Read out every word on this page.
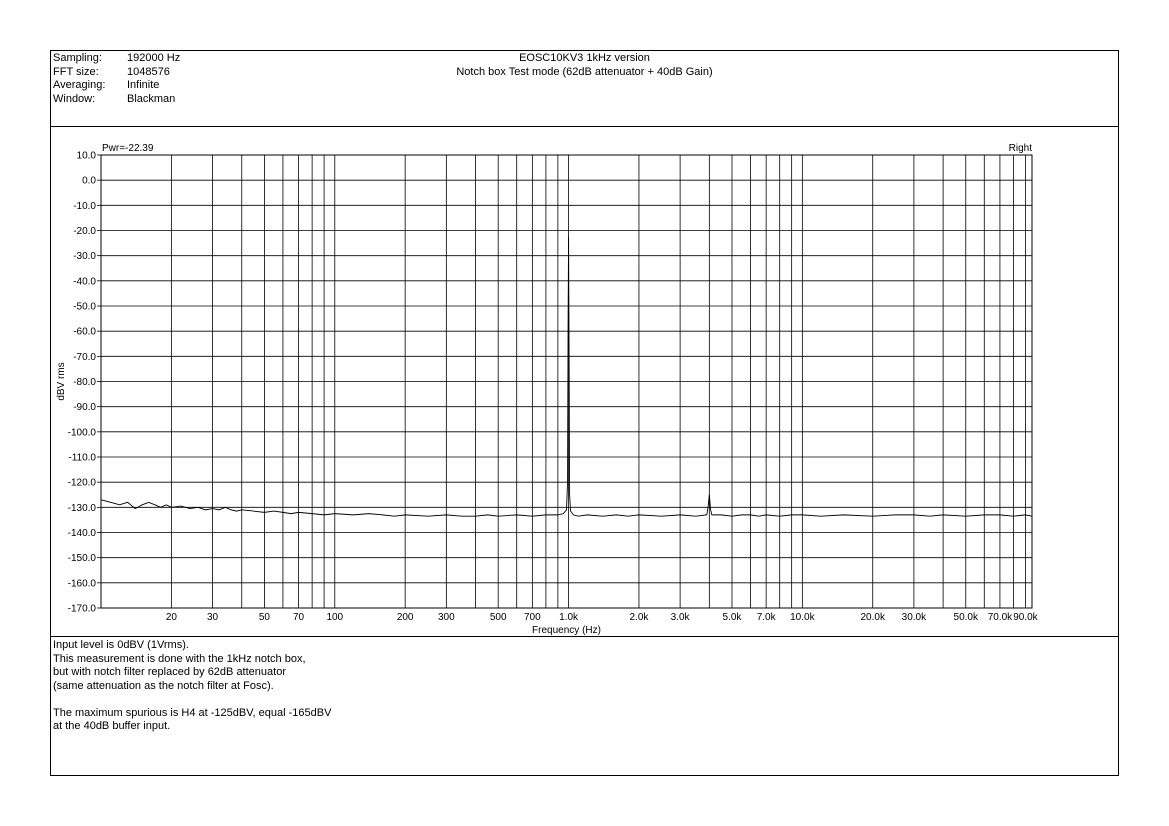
Sampling:	192000 Hz
FFT size:	1048576
Averaging:	Infinite
Window:	Blackman
EOSC10KV3 1kHz version
Notch box Test mode (62dB attenuator + 40dB Gain)
Input level is 0dBV (1Vrms).
This measurement is done with the 1kHz notch box,
but with notch filter replaced by 62dB attenuator
(same attenuation as the notch filter at Fosc).
The maximum spurious is H4 at -125dBV, equal -165dBV
at the 40dB buffer input.
10.0
0.0
-10.0
-20.0
-30.0
-40.0
-50.0
-60.0
-70.0
-80.0
-90.0
-100.0
-110.0
-120.0
-130.0
-140.0
-150.0
-160.0
-170.0
20	30	50 70 100	200 300	500 700 1.0k	2.0k 3.0k	5.0k 7.0k 10.0k	20.0k 30.0k	50.0k 70.0k 90.0k
dBV rms
Frequency (Hz)
Pwr=-22.39	Right
